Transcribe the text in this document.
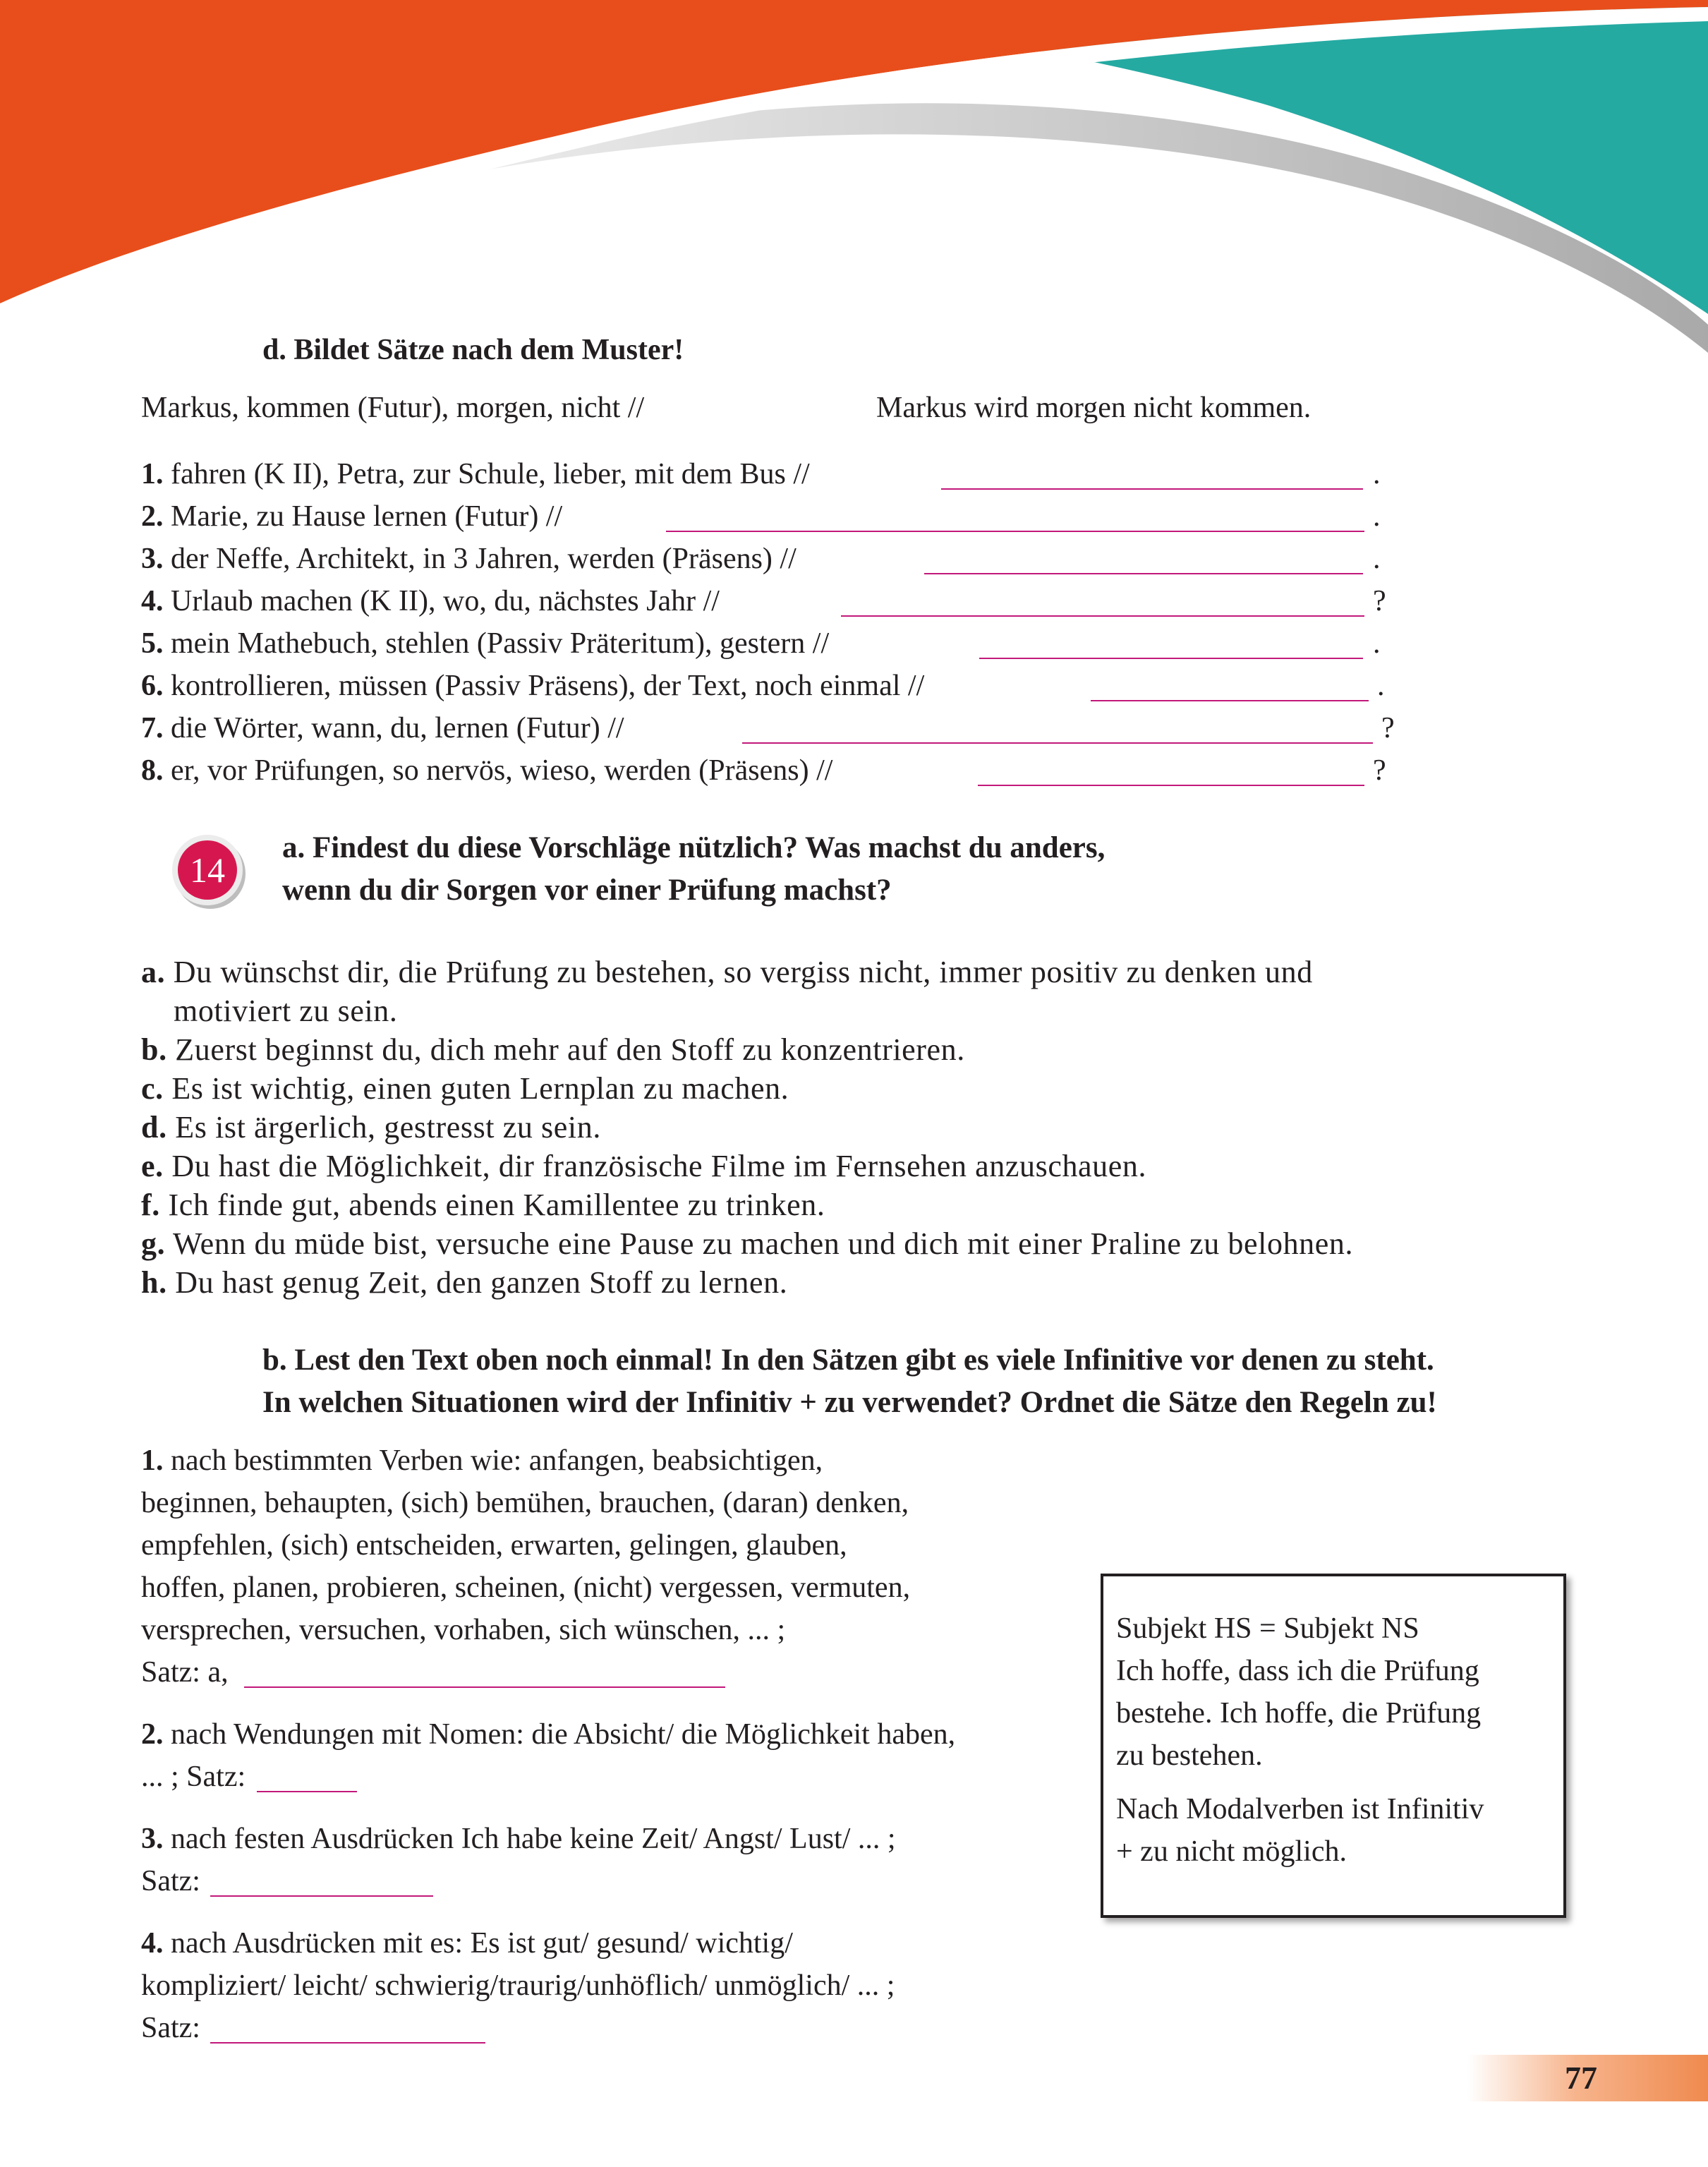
d. Bildet Sätze nach dem Muster!
Markus, kommen (Futur), morgen, nicht //	Markus wird morgen nicht kommen.
1. fahren (K II), Petra, zur Schule, lieber, mit dem Bus //	.
2. Marie, zu Hause lernen (Futur) //	.
3. der Neffe, Architekt, in 3 Jahren, werden (Präsens) //	.
4. Urlaub machen (K II), wo, du, nächstes Jahr //	?
5. mein Mathebuch, stehlen (Passiv Präteritum), gestern //	.
6. kontrollieren, müssen (Passiv Präsens), der Text, noch einmal //	.
7. die Wörter, wann, du, lernen (Futur) //	?
8. er, vor Prüfungen, so nervös, wieso, werden (Präsens) //	?
14
a. Findest du diese Vorschläge nützlich? Was machst du anders,
wenn du dir Sorgen vor einer Prüfung machst?
a. Du wünschst dir, die Prüfung zu bestehen, so vergiss nicht, immer positiv zu denken und
motiviert zu sein.
b. Zuerst beginnst du, dich mehr auf den Stoff zu konzentrieren.
c. Es ist wichtig, einen guten Lernplan zu machen.
d. Es ist ärgerlich, gestresst zu sein.
e. Du hast die Möglichkeit, dir französische Filme im Fernsehen anzuschauen.
f. Ich finde gut, abends einen Kamillentee zu trinken.
g. Wenn du müde bist, versuche eine Pause zu machen und dich mit einer Praline zu belohnen.
h. Du hast genug Zeit, den ganzen Stoff zu lernen.
b. Lest den Text oben noch einmal! In den Sätzen gibt es viele Infinitive vor denen zu steht.
In welchen Situationen wird der Infinitiv + zu verwendet? Ordnet die Sätze den Regeln zu!
1. nach bestimmten Verben wie: anfangen, beabsichtigen,
beginnen, behaupten, (sich) bemühen, brauchen, (daran) denken,
empfehlen, (sich) entscheiden, erwarten, gelingen, glauben,
hoffen, planen, probieren, scheinen, (nicht) vergessen, vermuten,
versprechen, versuchen, vorhaben, sich wünschen, ... ;
Satz: a,
2. nach Wendungen mit Nomen: die Absicht/ die Möglichkeit haben,
... ; Satz:
3. nach festen Ausdrücken Ich habe keine Zeit/ Angst/ Lust/ ... ;
Satz:
4. nach Ausdrücken mit es: Es ist gut/ gesund/ wichtig/
kompliziert/ leicht/ schwierig/traurig/unhöflich/ unmöglich/ ... ;
Satz:
Subjekt HS = Subjekt NS
Ich hoffe, dass ich die Prüfung
bestehe. Ich hoffe, die Prüfung
zu bestehen.
Nach Modalverben ist Infinitiv
+ zu nicht möglich.
77
